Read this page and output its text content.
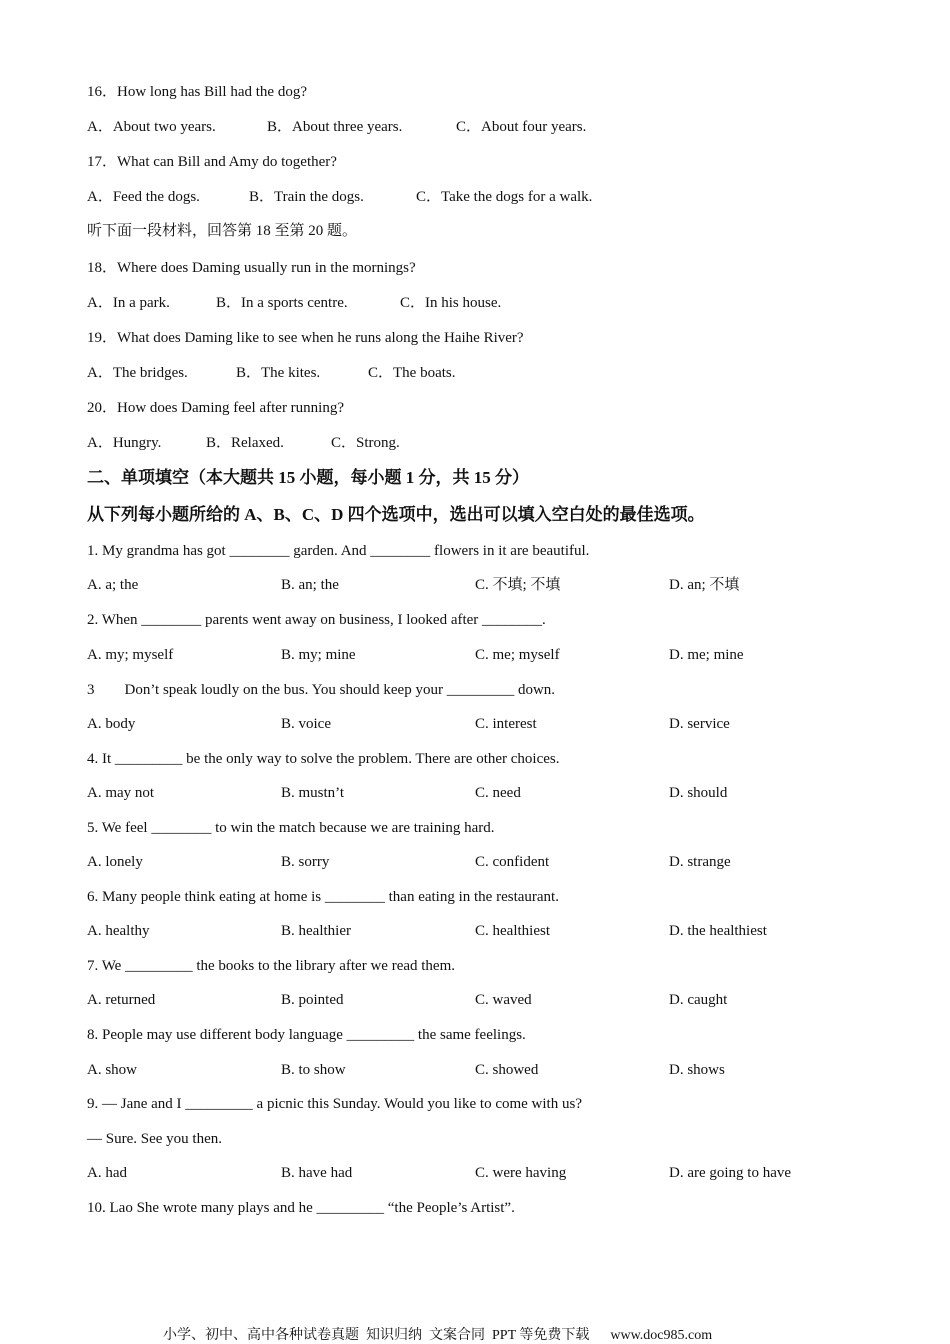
16．How long has Bill had the dog?
A．About two years.	B．About three years.	C．About four years.
17．What can Bill and Amy do together?
A．Feed the dogs.	B．Train the dogs.	C．Take the dogs for a walk.
听下面一段材料，回答第 18 至第 20 题。
18．Where does Daming usually run in the mornings?
A．In a park.	B．In a sports centre.	C．In his house.
19．What does Daming like to see when he runs along the Haihe River?
A．The bridges.	B．The kites.	C．The boats.
20．How does Daming feel after running?
A．Hungry.	B．Relaxed.	C．Strong.
二、单项填空（本大题共 15 小题，每小题 1 分，共 15 分）
从下列每小题所给的 A、B、C、D 四个选项中，选出可以填入空白处的最佳选项。
1. My grandma has got ________ garden. And ________ flowers in it are beautiful.
A. a; the	B. an; the	C. 不填; 不填	D. an; 不填
2. When ________ parents went away on business, I looked after ________.
A. my; myself	B. my; mine	C. me; myself	D. me; mine
3        Don’t speak loudly on the bus. You should keep your _________ down.
A. body	B. voice	C. interest	D. service
4. It _________ be the only way to solve the problem. There are other choices.
A. may not	B. mustn’t	C. need	D. should
5. We feel ________ to win the match because we are training hard.
A. lonely	B. sorry	C. confident	D. strange
6. Many people think eating at home is ________ than eating in the restaurant.
A. healthy	B. healthier	C. healthiest	D. the healthiest
7. We _________ the books to the library after we read them.
A. returned	B. pointed	C. waved	D. caught
8. People may use different body language _________ the same feelings.
A. show	B. to show	C. showed	D. shows
9. — Jane and I _________ a picnic this Sunday. Would you like to come with us?
— Sure. See you then.
A. had	B. have had	C. were having	D. are going to have
10. Lao She wrote many plays and he _________ “the People’s Artist”.
小学、初中、高中各种试卷真题  知识归纳  文案合同  PPT 等免费下载      www.doc985.com
